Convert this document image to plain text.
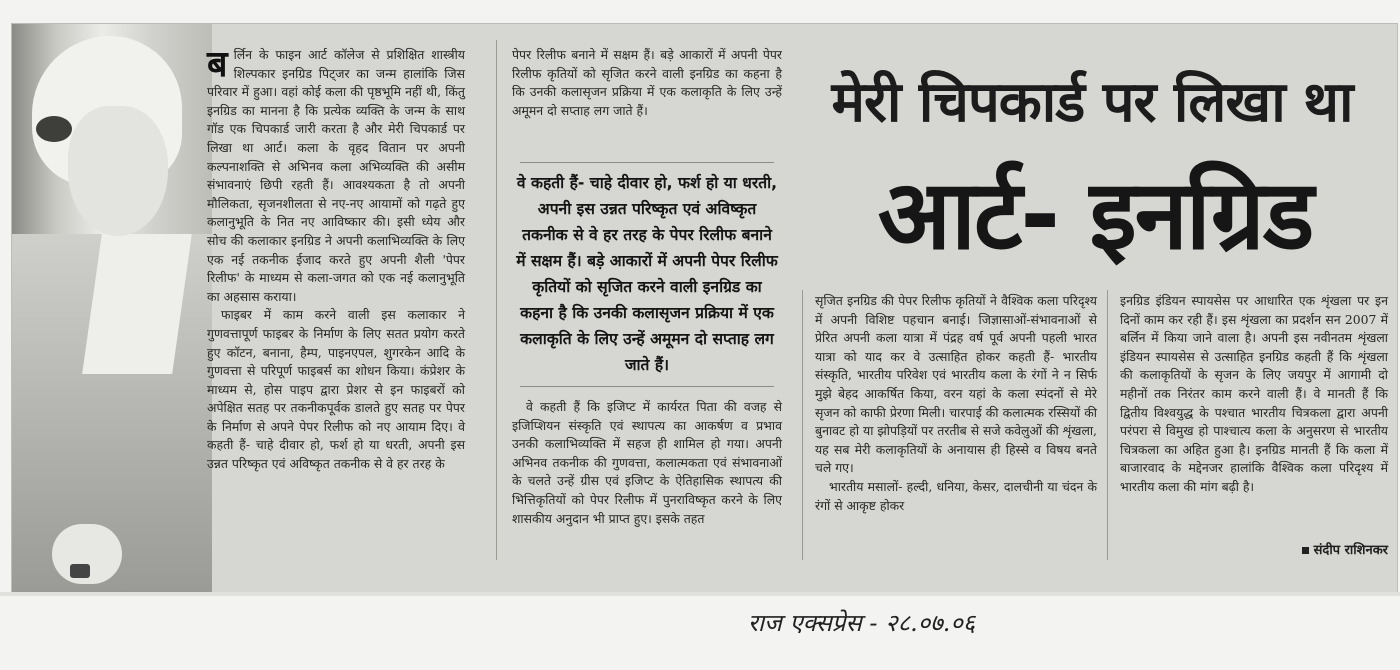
ब र्लिन के फाइन आर्ट कॉलेज से प्रशिक्षित शास्त्रीय शिल्पकार इनग्रिड पिट्जर का जन्म हालांकि जिस परिवार में हुआ। वहां कोई कला की पृष्ठभूमि नहीं थी, किंतु इनग्रिड का मानना है कि प्रत्येक व्यक्ति के जन्म के साथ गॉड एक चिपकार्ड जारी करता है और मेरी चिपकार्ड पर लिखा था आर्ट। कला के वृहद वितान पर अपनी कल्पनाशक्ति से अभिनव कला अभिव्यक्ति की असीम संभावनाएं छिपी रहती हैं। आवश्यकता है तो अपनी मौलिकता, सृजनशीलता से नए-नए आयामों को गढ़ते हुए कलानुभूति के नित नए आविष्कार की। इसी ध्येय और सोच की कलाकार इनग्रिड ने अपनी कलाभिव्यक्ति के लिए एक नई तकनीक ईजाद करते हुए अपनी शैली 'पेपर रिलीफ' के माध्यम से कला-जगत को एक नई कलानुभूति का अहसास कराया।

फाइबर में काम करने वाली इस कलाकार ने गुणवत्तापूर्ण फाइबर के निर्माण के लिए सतत प्रयोग करते हुए कॉटन, बनाना, हैम्प, पाइनएपल, शुगरकेन आदि के गुणवत्ता से परिपूर्ण फाइबर्स का शोधन किया। कंप्रेशर के माध्यम से, होस पाइप द्वारा प्रेशर से इन फाइबरों को अपेक्षित सतह पर तकनीकपूर्वक डालते हुए सतह पर पेपर के निर्माण से अपने पेपर रिलीफ को नए आयाम दिए। वे कहती हैं- चाहे दीवार हो, फर्श हो या धरती, अपनी इस उन्नत परिष्कृत एवं अविष्कृत तकनीक से वे हर तरह के

पेपर रिलीफ बनाने में सक्षम हैं। बड़े आकारों में अपनी पेपर रिलीफ कृतियों को सृजित करने वाली इनग्रिड का कहना है कि उनकी कलासृजन प्रक्रिया में एक कलाकृति के लिए उन्हें अमूमन दो सप्ताह लग जाते हैं।

वे कहती हैं- चाहे दीवार हो, फर्श हो या धरती, अपनी इस उन्नत परिष्कृत एवं अविष्कृत तकनीक से वे हर तरह के पेपर रिलीफ बनाने में सक्षम हैं। बड़े आकारों में अपनी पेपर रिलीफ कृतियों को सृजित करने वाली इनग्रिड का कहना है कि उनकी कलासृजन प्रक्रिया में एक कलाकृति के लिए उन्हें अमूमन दो सप्ताह लग जाते हैं।

वे कहती हैं कि इजिप्ट में कार्यरत पिता की वजह से इजिप्शियन संस्कृति एवं स्थापत्य का आकर्षण व प्रभाव उनकी कलाभिव्यक्ति में सहज ही शामिल हो गया। अपनी अभिनव तकनीक की गुणवत्ता, कलात्मकता एवं संभावनाओं के चलते उन्हें ग्रीस एवं इजिप्ट के ऐतिहासिक स्थापत्य की भित्तिकृतियों को पेपर रिलीफ में पुनराविष्कृत करने के लिए शासकीय अनुदान भी प्राप्त हुए। इसके तहत

मेरी चिपकार्ड पर लिखा था
आर्ट- इनग्रिड

सृजित इनग्रिड की पेपर रिलीफ कृतियों ने वैश्विक कला परिदृश्य में अपनी विशिष्ट पहचान बनाई। जिज्ञासाओं-संभावनाओं से प्रेरित अपनी कला यात्रा में पंद्रह वर्ष पूर्व अपनी पहली भारत यात्रा को याद कर वे उत्साहित होकर कहती हैं- भारतीय संस्कृति, भारतीय परिवेश एवं भारतीय कला के रंगों ने न सिर्फ मुझे बेहद आकर्षित किया, वरन यहां के कला स्पंदनों से मेरे सृजन को काफी प्रेरणा मिली। चारपाई की कलात्मक रस्सियों की बुनावट हो या झोपड़ियों पर तरतीब से सजे कवेलुओं की शृंखला, यह सब मेरी कलाकृतियों के अनायास ही हिस्से व विषय बनते चले गए।

भारतीय मसालों- हल्दी, धनिया, केसर, दालचीनी या चंदन के रंगों से आकृष्ट होकर

इनग्रिड इंडियन स्पायसेस पर आधारित एक शृंखला पर इन दिनों काम कर रही हैं। इस शृंखला का प्रदर्शन सन 2007 में बर्लिन में किया जाने वाला है। अपनी इस नवीनतम शृंखला इंडियन स्पायसेस से उत्साहित इनग्रिड कहती हैं कि शृंखला की कलाकृतियों के सृजन के लिए जयपुर में आगामी दो महीनों तक निरंतर काम करने वाली हैं। वे मानती हैं कि द्वितीय विश्वयुद्ध के पश्चात भारतीय चित्रकला द्वारा अपनी परंपरा से विमुख हो पाश्चात्य कला के अनुसरण से भारतीय चित्रकला का अहित हुआ है। इनग्रिड मानती हैं कि कला में बाजारवाद के मद्देनजर हालांकि वैश्विक कला परिदृश्य में भारतीय कला की मांग बढ़ी है।

संदीप राशिनकर
राज एक्सप्रेस - २८.०७.०६
